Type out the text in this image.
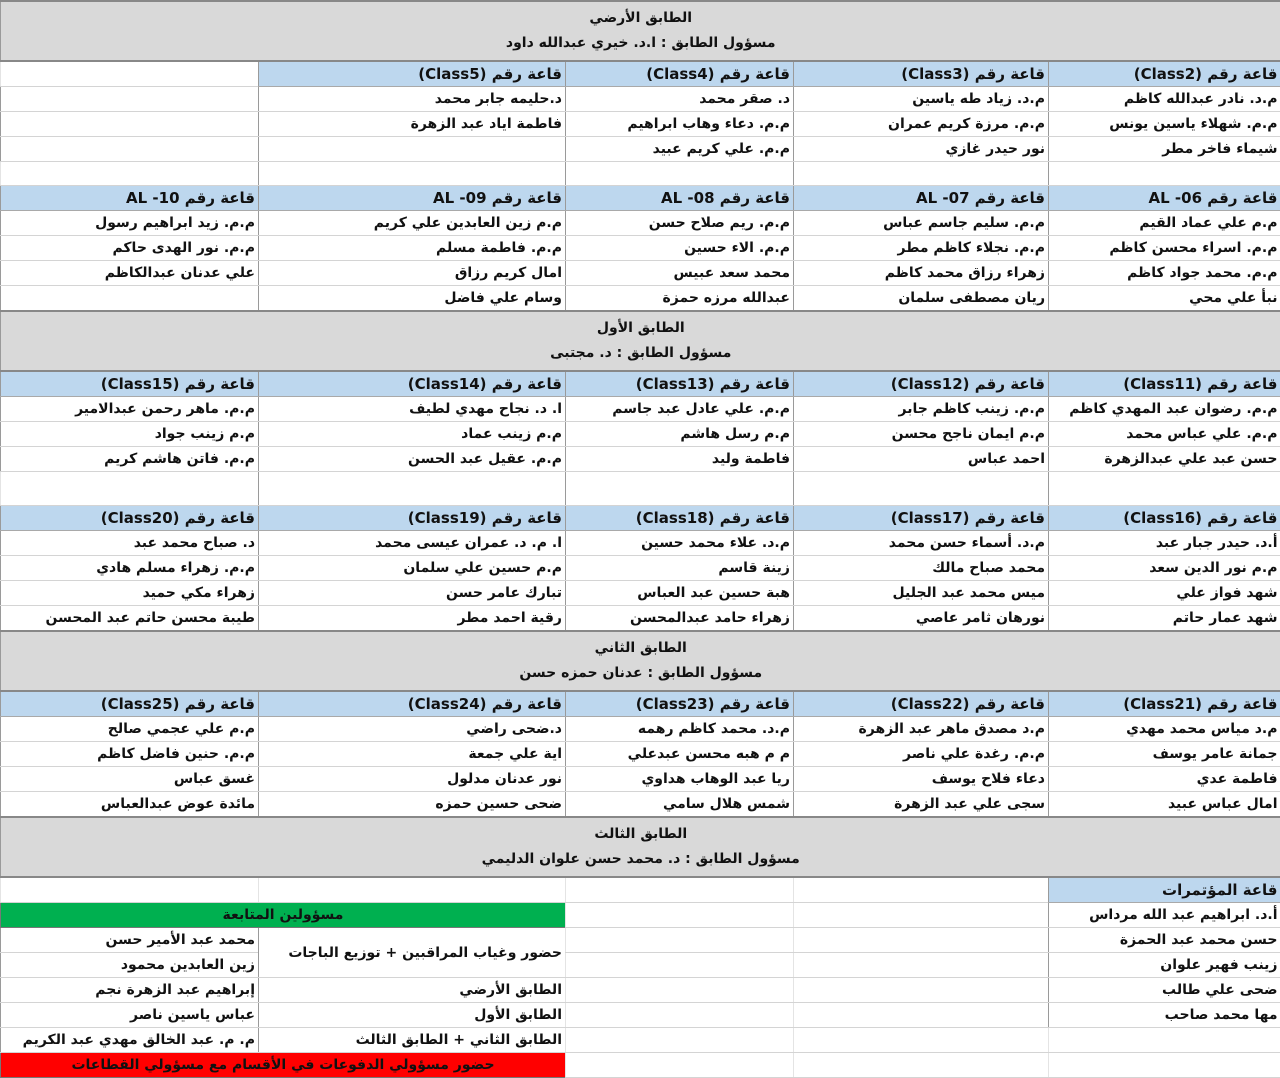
الطابق الأرضي
مسؤول الطابق : ا.د. خيري عبدالله داود				

قاعة رقم (Class2)	قاعة رقم (Class3)	قاعة رقم (Class4)	قاعة رقم (Class5)	
م.د. نادر عبدالله كاظم	م.د. زياد طه ياسين	د. صقر محمد	د.حليمه جابر محمد	
م.م. شهلاء ياسين يونس	م.م. مرزة كريم عمران	م.م. دعاء وهاب ابراهيم	فاطمة اياد عبد الزهرة	
شيماء فاخر مطر	نور حيدر غازي	م.م. علي كريم عبيد		

قاعة رقم 06- AL	قاعة رقم 07- AL	قاعة رقم 08- AL	قاعة رقم 09- AL	قاعة رقم 10- AL
م.م علي عماد القيم	م.م. سليم جاسم عباس	م.م. ريم صلاح حسن	م.م زين العابدين علي كريم	م.م. زيد ابراهيم رسول
م.م. اسراء محسن كاظم	م.م. نجلاء كاظم مطر	م.م. الاء حسين	م.م. فاطمة مسلم	م.م. نور الهدى حاكم
م.م. محمد جواد كاظم	زهراء رزاق محمد كاظم	محمد سعد عبيس	امال كريم رزاق	علي عدنان عبدالكاظم
نبأ علي محي	ريان مصطفى سلمان	عبدالله مرزه حمزة	وسام علي فاضل	

الطابق الأول
مسؤول الطابق : د. مجتبى				

قاعة رقم (Class11)	قاعة رقم (Class12)	قاعة رقم (Class13)	قاعة رقم (Class14)	قاعة رقم (Class15)
م.م. رضوان عبد المهدي كاظم	م.م. زينب كاظم جابر	م.م. علي عادل عبد جاسم	ا. د. نجاح مهدي لطيف	م.م. ماهر رحمن عبدالامير
م.م. علي عباس محمد	م.م ايمان ناجح محسن	م.م رسل هاشم	م.م زينب عماد	م.م زينب جواد
حسن عبد علي عبدالزهرة	احمد عباس	فاطمة وليد	م.م. عقيل عبد الحسن	م.م. فاتن هاشم كريم

قاعة رقم (Class16)	قاعة رقم (Class17)	قاعة رقم (Class18)	قاعة رقم (Class19)	قاعة رقم (Class20)
أ.د. حيدر جبار عبد	م.د. أسماء حسن محمد	م.د. علاء محمد حسين	ا. م. د. عمران عيسى محمد	د. صباح محمد عبد
م.م نور الدين سعد	محمد صباح مالك	زينة قاسم	م.م حسين علي سلمان	م.م. زهراء مسلم هادي
شهد فواز علي	ميس محمد عبد الجليل	هبة حسين عبد العباس	تبارك عامر حسن	زهراء مكي حميد
شهد عمار حاتم	نورهان ثامر عاصي	زهراء حامد عبدالمحسن	رقية احمد مطر	طيبة محسن حاتم عبد المحسن

الطابق الثاني
مسؤول الطابق : عدنان حمزه حسن				

قاعة رقم (Class21)	قاعة رقم (Class22)	قاعة رقم (Class23)	قاعة رقم (Class24)	قاعة رقم (Class25)
م.د مياس محمد مهدي	م.د مصدق ماهر عبد الزهرة	م.د. محمد كاظم رهمه	د.ضحى راضي	م.م علي عجمي صالح
جمانة عامر يوسف	م.م. رغدة علي ناصر	م م هبه محسن عبدعلي	اية علي جمعة	م.م. حنين فاضل كاظم
فاطمة عدي	دعاء فلاح يوسف	ريا عبد الوهاب هداوي	نور عدنان مدلول	غسق عباس
امال عباس عبيد	سجى علي عبد الزهرة	شمس هلال سامي	ضحى حسين حمزه	مائدة عوض عبدالعباس

الطابق الثالث
مسؤول الطابق : د. محمد حسن علوان الدليمي				

قاعة المؤتمرات				
أ.د. ابراهيم عبد الله مرداس			مسؤولين المتابعة	
حسن محمد عبد الحمزة			حضور وغياب المراقبين + توزيع الباجات	محمد عبد الأمير حسن
زينب فهير علوان				زين العابدين محمود
ضحى علي طالب			الطابق الأرضي	إبراهيم عبد الزهرة نجم
مها محمد صاحب			الطابق الأول	عباس ياسين ناصر
			الطابق الثاني + الطابق الثالث	م. م. عبد الخالق مهدي عبد الكريم
			حضور مسؤولي الدفوعات في الأقسام مع مسؤولي القطاعات	
